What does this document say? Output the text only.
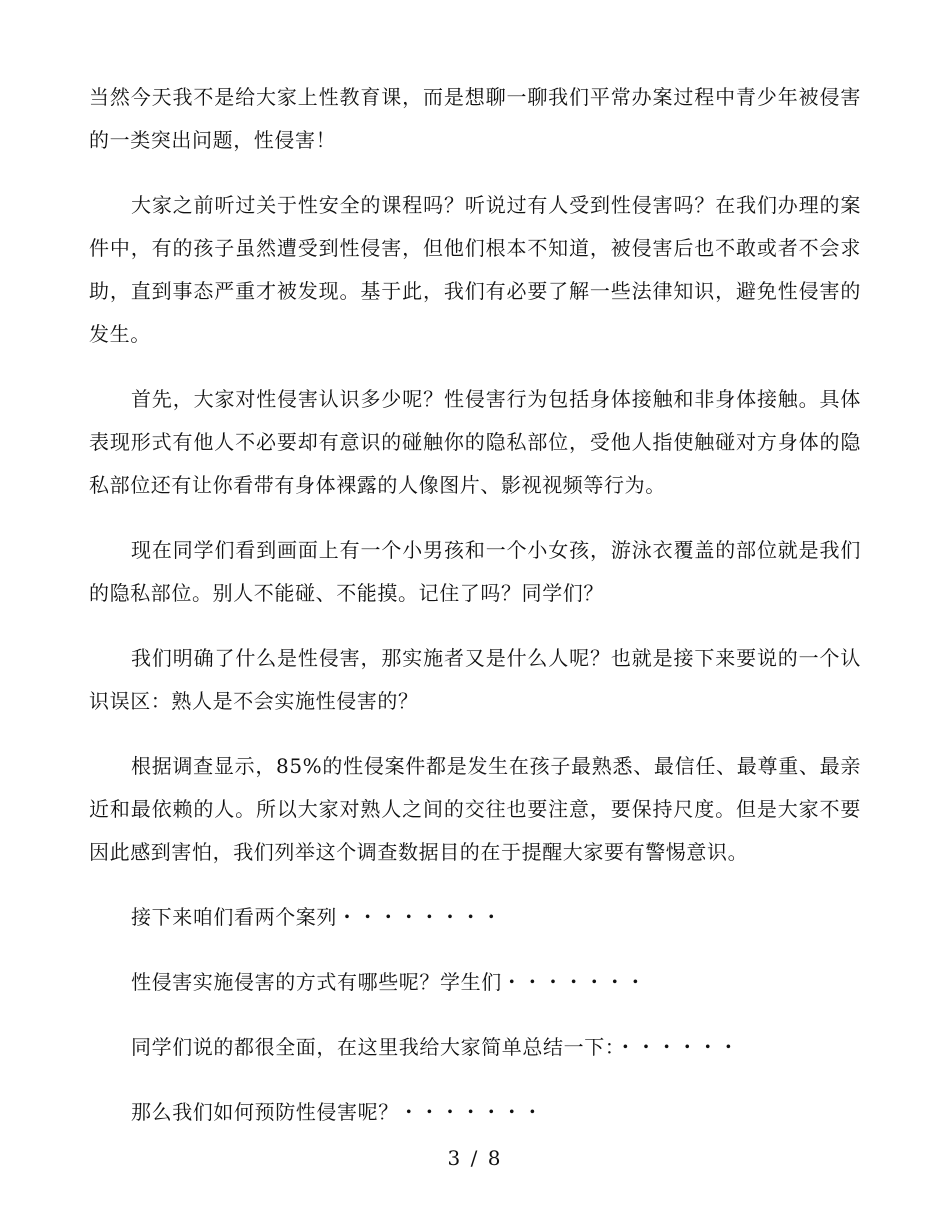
当然今天我不是给大家上性教育课，而是想聊一聊我们平常办案过程中青少年被侵害的一类突出问题，性侵害！

大家之前听过关于性安全的课程吗？听说过有人受到性侵害吗？在我们办理的案件中，有的孩子虽然遭受到性侵害，但他们根本不知道，被侵害后也不敢或者不会求助，直到事态严重才被发现。基于此，我们有必要了解一些法律知识，避免性侵害的发生。

首先，大家对性侵害认识多少呢？性侵害行为包括身体接触和非身体接触。具体表现形式有他人不必要却有意识的碰触你的隐私部位，受他人指使触碰对方身体的隐私部位还有让你看带有身体裸露的人像图片、影视视频等行为。

现在同学们看到画面上有一个小男孩和一个小女孩，游泳衣覆盖的部位就是我们的隐私部位。别人不能碰、不能摸。记住了吗？同学们？

我们明确了什么是性侵害，那实施者又是什么人呢？也就是接下来要说的一个认识误区：熟人是不会实施性侵害的？

根据调查显示，85%的性侵案件都是发生在孩子最熟悉、最信任、最尊重、最亲近和最依赖的人。所以大家对熟人之间的交往也要注意，要保持尺度。但是大家不要因此感到害怕，我们列举这个调查数据目的在于提醒大家要有警惕意识。

接下来咱们看两个案列・・・・・・・・

性侵害实施侵害的方式有哪些呢？学生们・・・・・・・

同学们说的都很全面，在这里我给大家简单总结一下：・・・・・・

那么我们如何预防性侵害呢？・・・・・・・

3 / 8
